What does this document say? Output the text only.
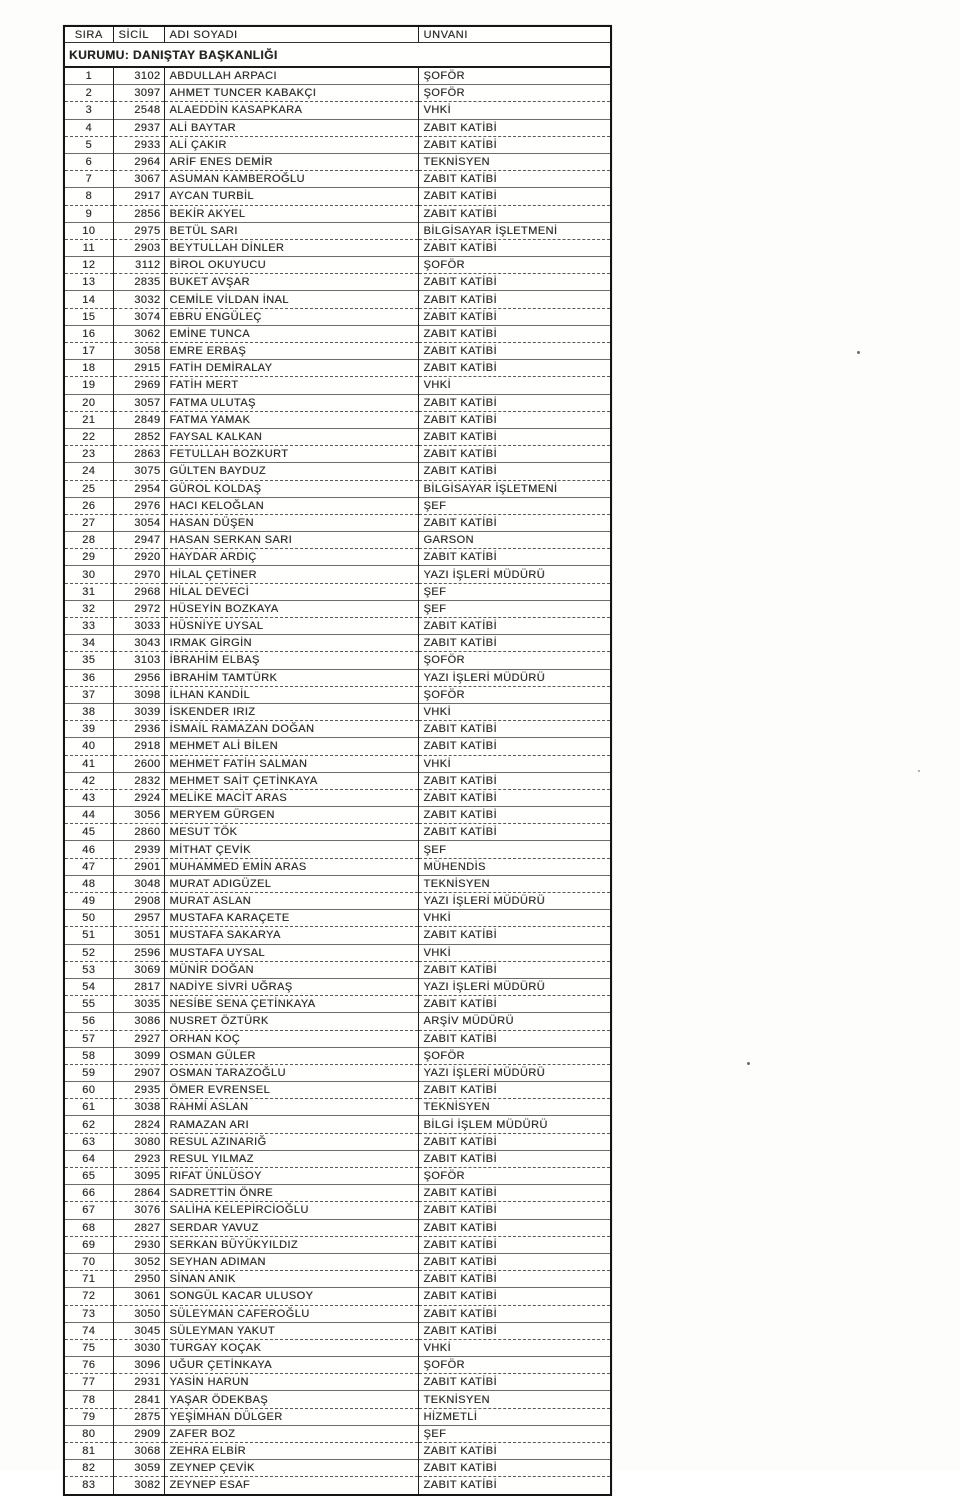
KURUMU: DANIŞTAY BAŞKANLIĞI			
SIRA	SİCİL	ADI SOYADI	UNVANI
1	3102	ABDULLAH ARPACI	ŞOFÖR
2	3097	AHMET TUNCER KABAKÇI	ŞOFÖR
3	2548	ALAEDDİN KASAPKARA	VHKİ
4	2937	ALİ BAYTAR	ZABIT KATİBİ
5	2933	ALİ ÇAKIR	ZABIT KATİBİ
6	2964	ARİF ENES DEMİR	TEKNİSYEN
7	3067	ASUMAN KAMBEROĞLU	ZABIT KATİBİ
8	2917	AYCAN TURBİL	ZABIT KATİBİ
9	2856	BEKİR AKYEL	ZABIT KATİBİ
10	2975	BETÜL SARI	BİLGİSAYAR İŞLETMENİ
11	2903	BEYTULLAH DİNLER	ZABIT KATİBİ
12	3112	BİROL OKUYUCU	ŞOFÖR
13	2835	BUKET AVŞAR	ZABIT KATİBİ
14	3032	CEMİLE VİLDAN İNAL	ZABIT KATİBİ
15	3074	EBRU ENGÜLEÇ	ZABIT KATİBİ
16	3062	EMİNE TUNCA	ZABIT KATİBİ
17	3058	EMRE ERBAŞ	ZABIT KATİBİ
18	2915	FATİH DEMİRALAY	ZABIT KATİBİ
19	2969	FATİH MERT	VHKİ
20	3057	FATMA ULUTAŞ	ZABIT KATİBİ
21	2849	FATMA YAMAK	ZABIT KATİBİ
22	2852	FAYSAL KALKAN	ZABIT KATİBİ
23	2863	FETULLAH BOZKURT	ZABIT KATİBİ
24	3075	GÜLTEN BAYDUZ	ZABIT KATİBİ
25	2954	GÜROL KOLDAŞ	BİLGİSAYAR İŞLETMENİ
26	2976	HACI KELOĞLAN	ŞEF
27	3054	HASAN DÜŞEN	ZABIT KATİBİ
28	2947	HASAN SERKAN SARI	GARSON
29	2920	HAYDAR ARDIÇ	ZABIT KATİBİ
30	2970	HİLAL ÇETİNER	YAZI İŞLERİ MÜDÜRÜ
31	2968	HİLAL DEVECİ	ŞEF
32	2972	HÜSEYİN BOZKAYA	ŞEF
33	3033	HÜSNİYE UYSAL	ZABIT KATİBİ
34	3043	IRMAK GİRGİN	ZABIT KATİBİ
35	3103	İBRAHİM ELBAŞ	ŞOFÖR
36	2956	İBRAHİM TAMTÜRK	YAZI İŞLERİ MÜDÜRÜ
37	3098	İLHAN KANDİL	ŞOFÖR
38	3039	İSKENDER IRIZ	VHKİ
39	2936	İSMAİL RAMAZAN DOĞAN	ZABIT KATİBİ
40	2918	MEHMET ALİ BİLEN	ZABIT KATİBİ
41	2600	MEHMET FATİH SALMAN	VHKİ
42	2832	MEHMET SAİT ÇETİNKAYA	ZABIT KATİBİ
43	2924	MELİKE MACİT ARAS	ZABIT KATİBİ
44	3056	MERYEM GÜRGEN	ZABIT KATİBİ
45	2860	MESUT TÖK	ZABIT KATİBİ
46	2939	MİTHAT ÇEVİK	ŞEF
47	2901	MUHAMMED EMİN ARAS	MÜHENDİS
48	3048	MURAT ADIGÜZEL	TEKNİSYEN
49	2908	MURAT ASLAN	YAZI İŞLERİ MÜDÜRÜ
50	2957	MUSTAFA KARAÇETE	VHKİ
51	3051	MUSTAFA SAKARYA	ZABIT KATİBİ
52	2596	MUSTAFA UYSAL	VHKİ
53	3069	MÜNİR DOĞAN	ZABIT KATİBİ
54	2817	NADİYE SİVRİ UĞRAŞ	YAZI İŞLERİ MÜDÜRÜ
55	3035	NESİBE SENA ÇETİNKAYA	ZABIT KATİBİ
56	3086	NUSRET ÖZTÜRK	ARŞİV MÜDÜRÜ
57	2927	ORHAN KOÇ	ZABIT KATİBİ
58	3099	OSMAN GÜLER	ŞOFÖR
59	2907	OSMAN TARAZOĞLU	YAZI İŞLERİ MÜDÜRÜ
60	2935	ÖMER EVRENSEL	ZABIT KATİBİ
61	3038	RAHMİ ASLAN	TEKNİSYEN
62	2824	RAMAZAN ARI	BİLGİ İŞLEM MÜDÜRÜ
63	3080	RESUL AZINARIĞ	ZABIT KATİBİ
64	2923	RESUL YILMAZ	ZABIT KATİBİ
65	3095	RIFAT ÜNLÜSOY	ŞOFÖR
66	2864	SADRETTİN ÖNRE	ZABIT KATİBİ
67	3076	SALİHA KELEPİRCİOĞLU	ZABIT KATİBİ
68	2827	SERDAR YAVUZ	ZABIT KATİBİ
69	2930	SERKAN BÜYÜKYILDIZ	ZABIT KATİBİ
70	3052	SEYHAN ADIMAN	ZABIT KATİBİ
71	2950	SİNAN ANIK	ZABIT KATİBİ
72	3061	SONGÜL KACAR ULUSOY	ZABIT KATİBİ
73	3050	SÜLEYMAN CAFEROĞLU	ZABIT KATİBİ
74	3045	SÜLEYMAN YAKUT	ZABIT KATİBİ
75	3030	TURGAY KOÇAK	VHKİ
76	3096	UĞUR ÇETİNKAYA	ŞOFÖR
77	2931	YASİN HARUN	ZABIT KATİBİ
78	2841	YAŞAR ÖDEKBAŞ	TEKNİSYEN
79	2875	YEŞİMHAN DÜLGER	HİZMETLİ
80	2909	ZAFER BOZ	ŞEF
81	3068	ZEHRA ELBİR	ZABIT KATİBİ
82	3059	ZEYNEP ÇEVİK	ZABIT KATİBİ
83	3082	ZEYNEP ESAF	ZABIT KATİBİ
